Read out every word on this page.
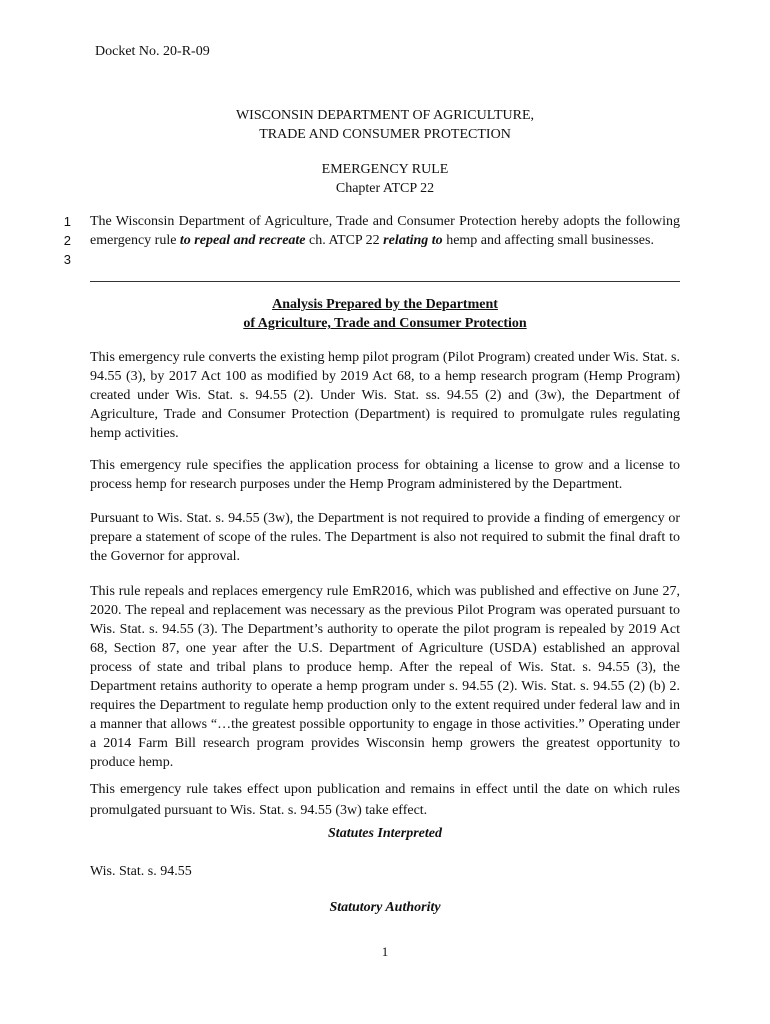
Docket No. 20-R-09
WISCONSIN DEPARTMENT OF AGRICULTURE,
TRADE AND CONSUMER PROTECTION
EMERGENCY RULE
Chapter ATCP 22
1
2
3
The Wisconsin Department of Agriculture, Trade and Consumer Protection hereby adopts the following emergency rule to repeal and recreate ch. ATCP 22 relating to hemp and affecting small businesses.
Analysis Prepared by the Department
of Agriculture, Trade and Consumer Protection

This emergency rule converts the existing hemp pilot program (Pilot Program) created under Wis. Stat. s. 94.55 (3), by 2017 Act 100 as modified by 2019 Act 68, to a hemp research program (Hemp Program) created under Wis. Stat. s. 94.55 (2). Under Wis. Stat. ss. 94.55 (2) and (3w), the Department of Agriculture, Trade and Consumer Protection (Department) is required to promulgate rules regulating hemp activities.

This emergency rule specifies the application process for obtaining a license to grow and a license to process hemp for research purposes under the Hemp Program administered by the Department.

Pursuant to Wis. Stat. s. 94.55 (3w), the Department is not required to provide a finding of emergency or prepare a statement of scope of the rules. The Department is also not required to submit the final draft to the Governor for approval.

This rule repeals and replaces emergency rule EmR2016, which was published and effective on June 27, 2020. The repeal and replacement was necessary as the previous Pilot Program was operated pursuant to Wis. Stat. s. 94.55 (3). The Department’s authority to operate the pilot program is repealed by 2019 Act 68, Section 87, one year after the U.S. Department of Agriculture (USDA) established an approval process of state and tribal plans to produce hemp. After the repeal of Wis. Stat. s. 94.55 (3), the Department retains authority to operate a hemp program under s. 94.55 (2). Wis. Stat. s. 94.55 (2) (b) 2. requires the Department to regulate hemp production only to the extent required under federal law and in a manner that allows “…the greatest possible opportunity to engage in those activities.” Operating under a 2014 Farm Bill research program provides Wisconsin hemp growers the greatest opportunity to produce hemp.

This emergency rule takes effect upon publication and remains in effect until the date on which rules promulgated pursuant to Wis. Stat. s. 94.55 (3w) take effect.

Statutes Interpreted
Wis. Stat. s. 94.55
Statutory Authority
1
